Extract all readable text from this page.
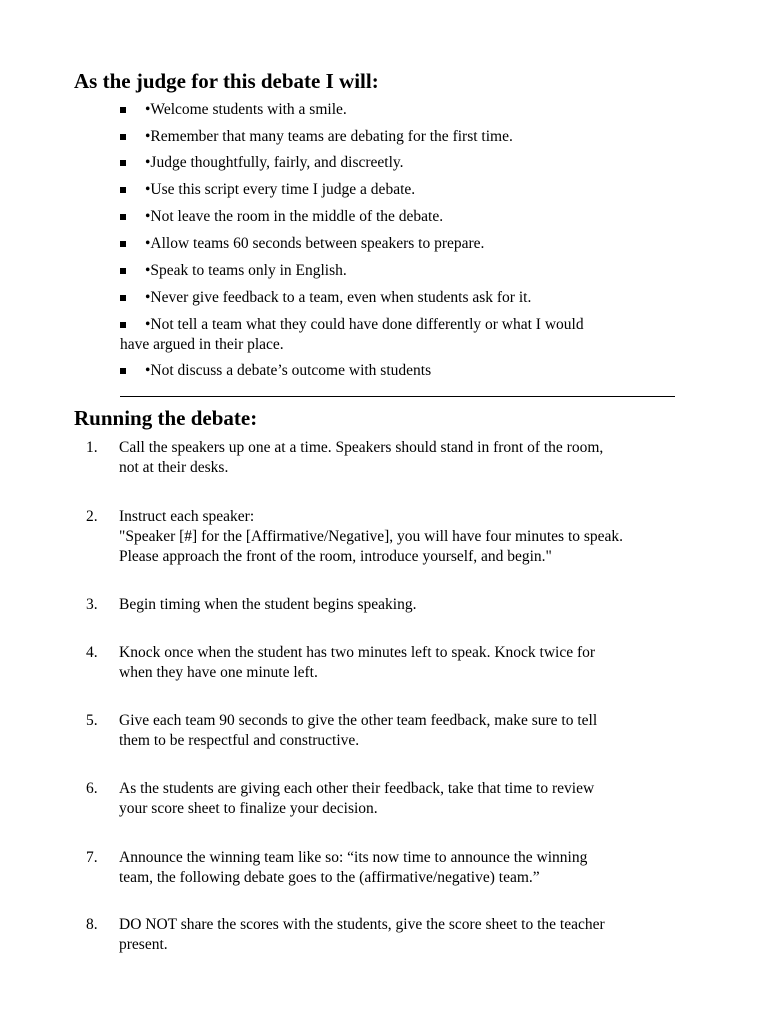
As the judge for this debate I will:
•Welcome students with a smile.
•Remember that many teams are debating for the first time.
•Judge thoughtfully, fairly, and discreetly.
•Use this script every time I judge a debate.
•Not leave the room in the middle of the debate.
•Allow teams 60 seconds between speakers to prepare.
•Speak to teams only in English.
•Never give feedback to a team, even when students ask for it.
•Not tell a team what they could have done differently or what I would have argued in their place.
•Not discuss a debate’s outcome with students
Running the debate:
1. Call the speakers up one at a time. Speakers should stand in front of the room,
not at their desks.
2. Instruct each speaker:
"Speaker [#] for the [Affirmative/Negative], you will have four minutes to speak.
Please approach the front of the room, introduce yourself, and begin."
3. Begin timing when the student begins speaking.
4. Knock once when the student has two minutes left to speak. Knock twice for
when they have one minute left.
5. Give each team 90 seconds to give the other team feedback, make sure to tell
them to be respectful and constructive.
6. As the students are giving each other their feedback, take that time to review
your score sheet to finalize your decision.
7. Announce the winning team like so: “its now time to announce the winning
team, the following debate goes to the (affirmative/negative) team.”
8. DO NOT share the scores with the students, give the score sheet to the teacher
present.
